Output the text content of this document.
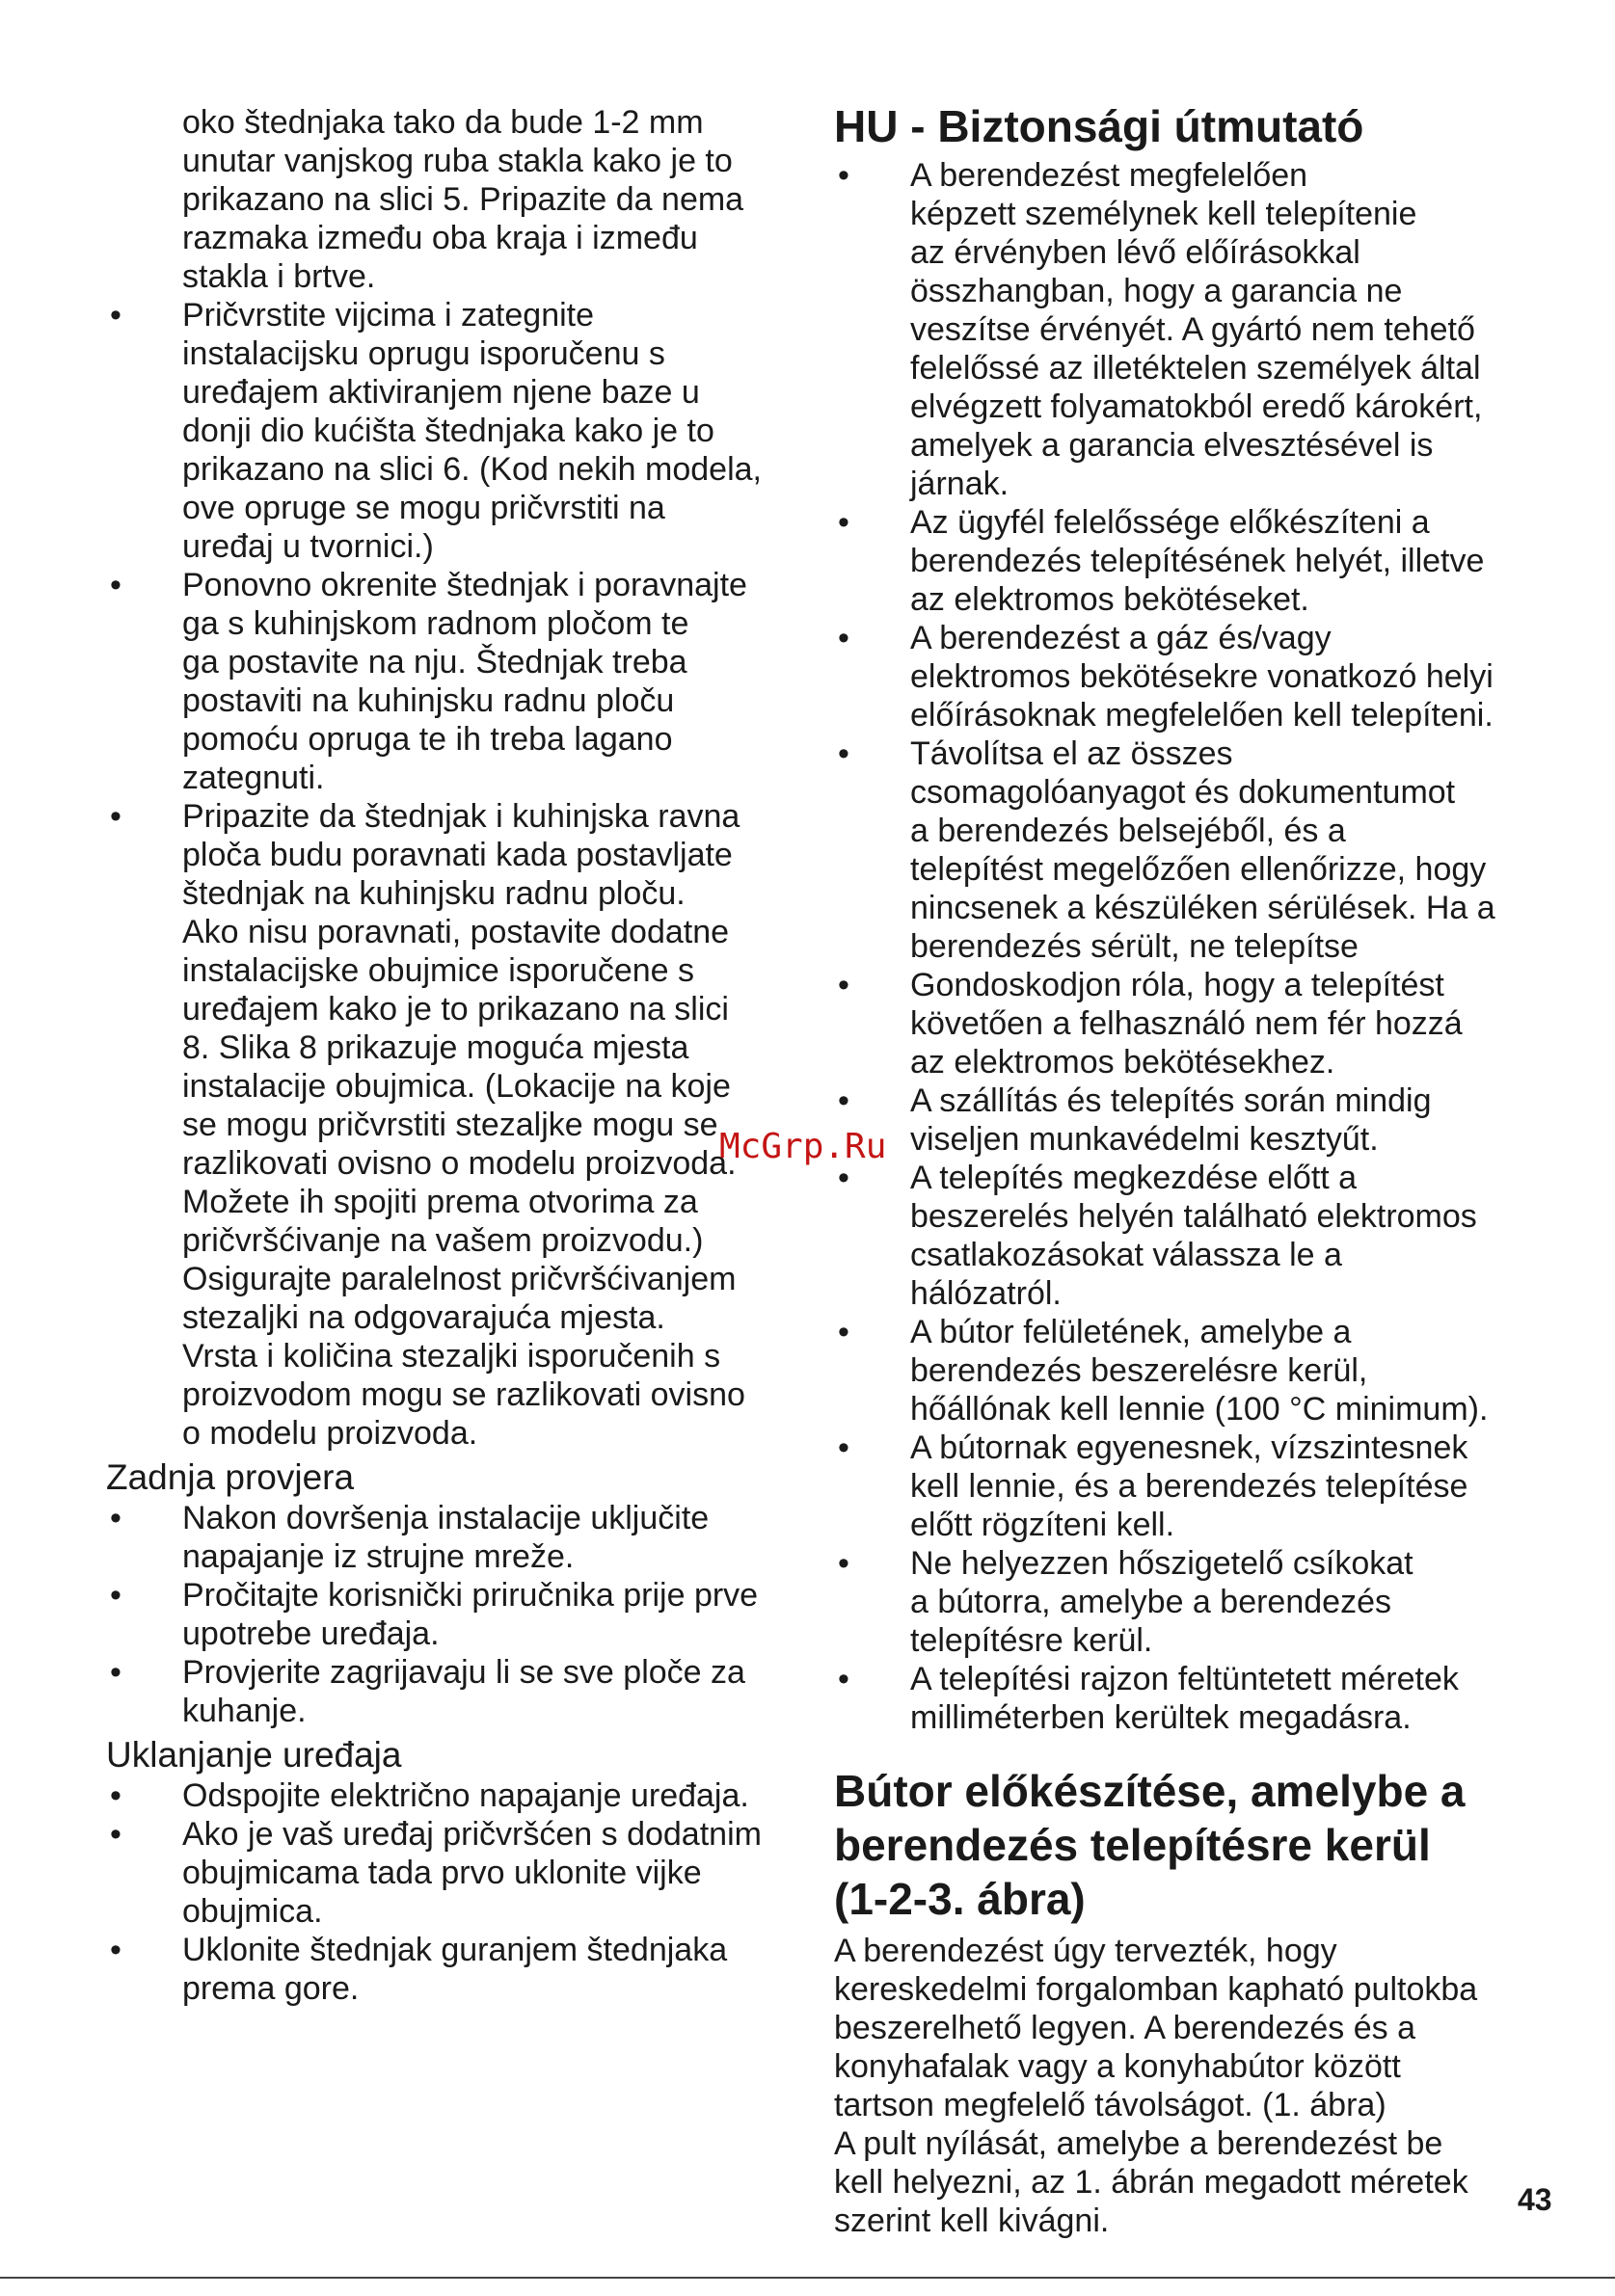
oko štednjaka tako da bude 1-2 mm
unutar vanjskog ruba stakla kako je to
prikazano na slici 5. Pripazite da nema
razmaka između oba kraja i između
stakla i brtve.

• Pričvrstite vijcima i zategnite
instalacijsku oprugu isporučenu s
uređajem aktiviranjem njene baze u
donji dio kućišta štednjaka kako je to
prikazano na slici 6. (Kod nekih modela,
ove opruge se mogu pričvrstiti na
uređaj u tvornici.)
• Ponovno okrenite štednjak i poravnajte
ga s kuhinjskom radnom pločom te
ga postavite na nju. Štednjak treba
postaviti na kuhinjsku radnu ploču
pomoću opruga te ih treba lagano
zategnuti.
• Pripazite da štednjak i kuhinjska ravna
ploča budu poravnati kada postavljate
štednjak na kuhinjsku radnu ploču.
Ako nisu poravnati, postavite dodatne
instalacijske obujmice isporučene s
uređajem kako je to prikazano na slici
8. Slika 8 prikazuje moguća mjesta
instalacije obujmica. (Lokacije na koje
se mogu pričvrstiti stezaljke mogu se
razlikovati ovisno o modelu proizvoda.
Možete ih spojiti prema otvorima za
pričvršćivanje na vašem proizvodu.)
Osigurajte paralelnost pričvršćivanjem
stezaljki na odgovarajuća mjesta.
Vrsta i količina stezaljki isporučenih s
proizvodom mogu se razlikovati ovisno
o modelu proizvoda.
Zadnja provjera
• Nakon dovršenja instalacije uključite
napajanje iz strujne mreže.
• Pročitajte korisnički priručnika prije prve
upotrebe uređaja.
• Provjerite zagrijavaju li se sve ploče za
kuhanje.
Uklanjanje uređaja
• Odspojite električno napajanje uređaja.
• Ako je vaš uređaj pričvršćen s dodatnim
obujmicama tada prvo uklonite vijke
obujmica.
• Uklonite štednjak guranjem štednjaka
prema gore.
HU - Biztonsági útmutató
• A berendezést megfelelően
képzett személynek kell telepítenie
az érvényben lévő előírásokkal
összhangban, hogy a garancia ne
veszítse érvényét. A gyártó nem tehető
felelőssé az illetéktelen személyek által
elvégzett folyamatokból eredő károkért,
amelyek a garancia elvesztésével is
járnak.
• Az ügyfél felelőssége előkészíteni a
berendezés telepítésének helyét, illetve
az elektromos bekötéseket.
• A berendezést a gáz és/vagy
elektromos bekötésekre vonatkozó helyi
előírásoknak megfelelően kell telepíteni.
• Távolítsa el az összes
csomagolóanyagot és dokumentumot
a berendezés belsejéből, és a
telepítést megelőzően ellenőrizze, hogy
nincsenek a készüléken sérülések. Ha a
berendezés sérült, ne telepítse
• Gondoskodjon róla, hogy a telepítést
követően a felhasználó nem fér hozzá
az elektromos bekötésekhez.
• A szállítás és telepítés során mindig
viseljen munkavédelmi kesztyűt.
• A telepítés megkezdése előtt a
beszerelés helyén található elektromos
csatlakozásokat válassza le a
hálózatról.
• A bútor felületének, amelybe a
berendezés beszerelésre kerül,
hőállónak kell lennie (100 °C minimum).
• A bútornak egyenesnek, vízszintesnek
kell lennie, és a berendezés telepítése
előtt rögzíteni kell.
• Ne helyezzen hőszigetelő csíkokat
a bútorra, amelybe a berendezés
telepítésre kerül.
• A telepítési rajzon feltüntetett méretek
milliméterben kerültek megadásra.
Bútor előkészítése, amelybe a
berendezés telepítésre kerül
(1-2-3. ábra)

A berendezést úgy tervezték, hogy
kereskedelmi forgalomban kapható pultokba
beszerelhető legyen. A berendezés és a
konyhafalak vagy a konyhabútor között
tartson megfelelő távolságot. (1. ábra)
A pult nyílását, amelybe a berendezést be
kell helyezni, az 1. ábrán megadott méretek
szerint kell kivágni.

McGrp.Ru
43
